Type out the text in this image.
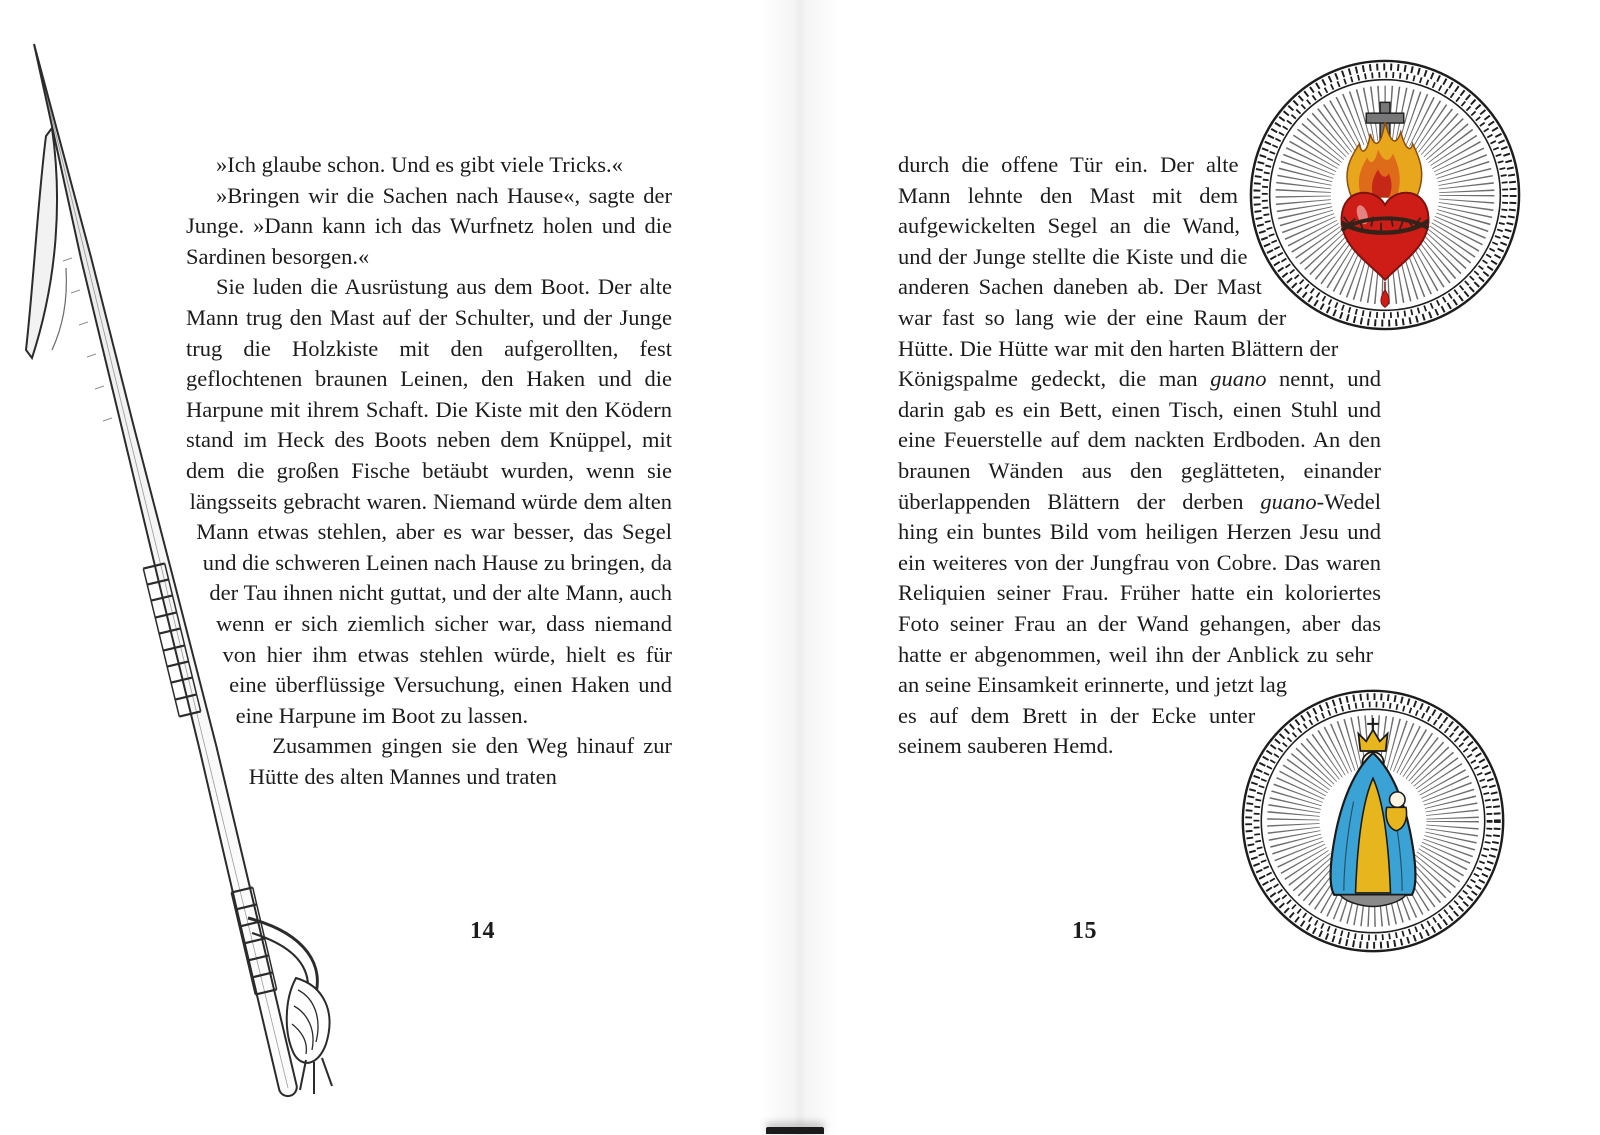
»Ich glaube schon. Und es gibt viele Tricks.«

»Bringen wir die Sachen nach Hause«, sagte der Junge. »Dann kann ich das Wurfnetz holen und die Sardinen besorgen.«

Sie luden die Ausrüstung aus dem Boot. Der alte Mann trug den Mast auf der Schulter, und der Junge trug die Holzkiste mit den aufgerollten, fest geflochtenen braunen Leinen, den Haken und die Harpune mit ihrem Schaft. Die Kiste mit den Ködern stand im Heck des Boots neben dem Knüppel, mit dem die großen Fische betäubt wurden, wenn sie längsseits gebracht waren. Niemand würde dem alten Mann etwas stehlen, aber es war besser, das Segel und die schweren Leinen nach Hause zu bringen, da der Tau ihnen nicht guttat, und der alte Mann, auch wenn er sich ziemlich sicher war, dass niemand von hier ihm etwas stehlen würde, hielt es für eine überflüssige Versuchung, einen Haken und eine Harpune im Boot zu lassen.

Zusammen gingen sie den Weg hinauf zur Hütte des alten Mannes und traten

14
durch die offene Tür ein. Der alte Mann lehnte den Mast mit dem aufgewickelten Segel an die Wand, und der Junge stellte die Kiste und die anderen Sachen daneben ab. Der Mast war fast so lang wie der eine Raum der Hütte. Die Hütte war mit den harten Blättern der Königspalme gedeckt, die man guano nennt, und darin gab es ein Bett, einen Tisch, einen Stuhl und eine Feuerstelle auf dem nackten Erdboden. An den braunen Wänden aus den geglätteten, einander überlappenden Blättern der derben guano-Wedel hing ein buntes Bild vom heiligen Herzen Jesu und ein weiteres von der Jungfrau von Cobre. Das waren Reliquien seiner Frau. Früher hatte ein koloriertes Foto seiner Frau an der Wand gehangen, aber das hatte er abgenommen, weil ihn der Anblick zu sehr an seine Einsamkeit erinnerte, und jetzt lag es auf dem Brett in der Ecke unter seinem sauberen Hemd.
15
